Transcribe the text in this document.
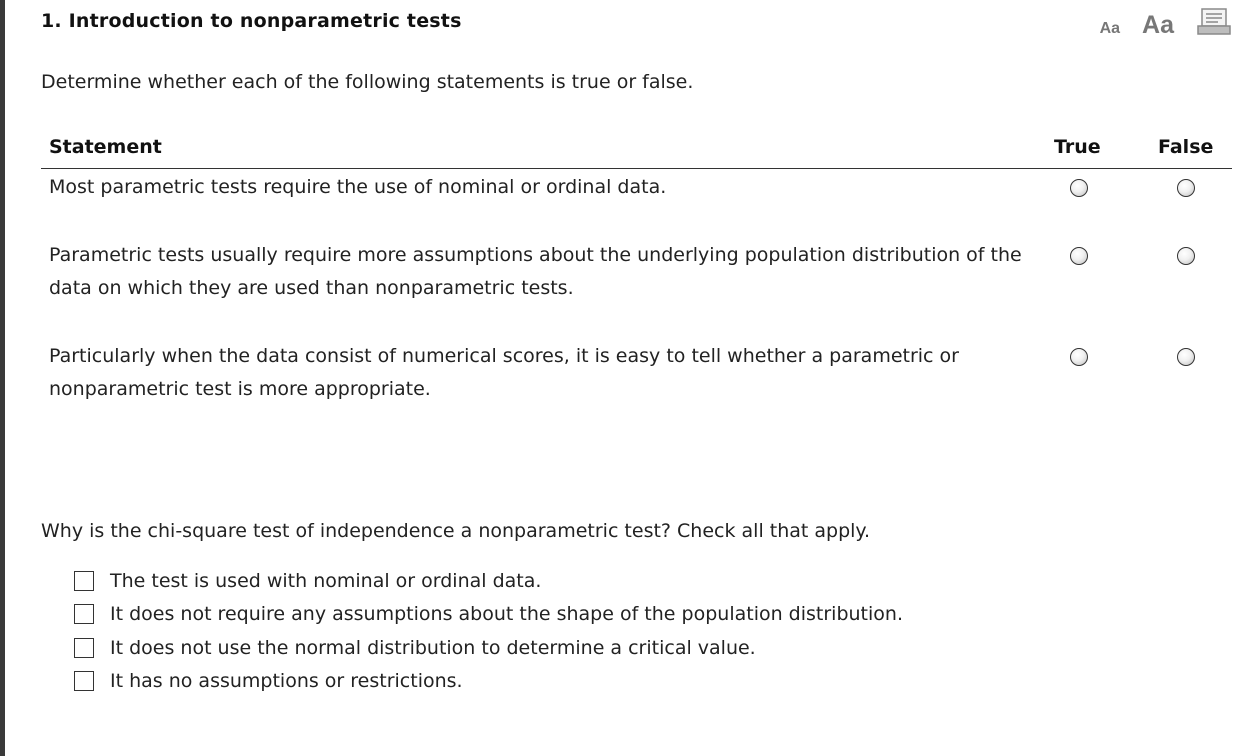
1. Introduction to nonparametric tests	Aa Aa
Determine whether each of the following statements is true or false.
Statement	True	False
Most parametric tests require the use of nominal or ordinal data.
Parametric tests usually require more assumptions about the underlying population distribution of the data on which they are used than nonparametric tests.
Particularly when the data consist of numerical scores, it is easy to tell whether a parametric or nonparametric test is more appropriate.
Why is the chi-square test of independence a nonparametric test? Check all that apply.
The test is used with nominal or ordinal data.
It does not require any assumptions about the shape of the population distribution.
It does not use the normal distribution to determine a critical value.
It has no assumptions or restrictions.
